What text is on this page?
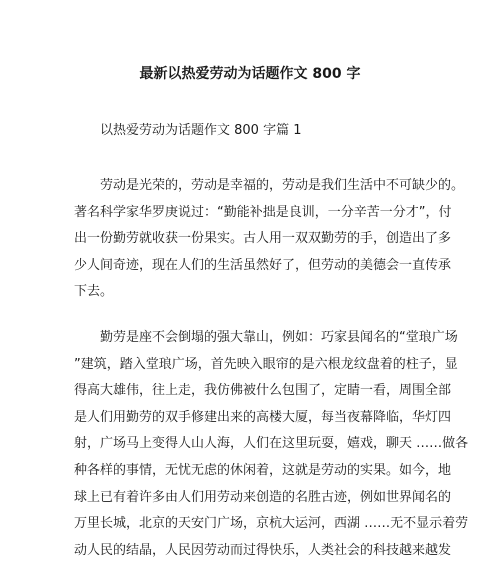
最新以热爱劳动为话题作文 800 字
以热爱劳动为话题作文 800 字篇 1
劳动是光荣的，劳动是幸福的，劳动是我们生活中不可缺少的。
著名科学家华罗庚说过：“勤能补拙是良训，一分辛苦一分才”，付
出一份勤劳就收获一份果实。古人用一双双勤劳的手，创造出了多
少人间奇迹，现在人们的生活虽然好了，但劳动的美德会一直传承
下去。
勤劳是座不会倒塌的强大靠山，例如：巧家县闻名的“堂琅广场
”建筑，踏入堂琅广场，首先映入眼帘的是六根龙纹盘着的柱子，显
得高大雄伟，往上走，我仿佛被什么包围了，定睛一看，周围全部
是人们用勤劳的双手修建出来的高楼大厦，每当夜幕降临，华灯四
射，广场马上变得人山人海，人们在这里玩耍，嬉戏，聊天 ……做各
种各样的事情，无忧无虑的休闲着，这就是劳动的实果。如今，地
球上已有着许多由人们用劳动来创造的名胜古迹，例如世界闻名的
万里长城，北京的天安门广场，京杭大运河，西湖 ……无不显示着劳
动人民的结晶，人民因劳动而过得快乐，人类社会的科技越来越发
